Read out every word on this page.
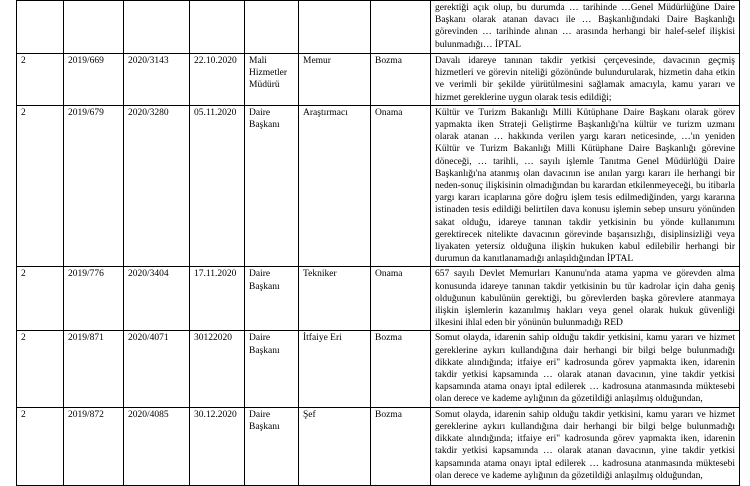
							gerektiği açık olup, bu durumda … tarihinde …Genel Müdürlüğüne Daire Başkanı olarak atanan davacı ile … Başkanlığındaki Daire Başkanlığı görevinden … tarihinde alınan … arasında herhangi bir halef-selef ilişkisi bulunmadığı… İPTAL
2	2019/669	2020/3143	22.10.2020	Mali Hizmetler Müdürü	Memur	Bozma	Davalı idareye tanınan takdir yetkisi çerçevesinde, davacının geçmiş hizmetleri ve görevin niteliği gözönünde bulundurularak, hizmetin daha etkin ve verimli bir şekilde yürütülmesini sağlamak amacıyla, kamu yararı ve hizmet gereklerine uygun olarak tesis edildiği;
2	2019/679	2020/3280	05.11.2020	Daire Başkanı	Araştırmacı	Onama	Kültür ve Turizm Bakanlığı Milli Kütüphane Daire Başkanı olarak görev yapmakta iken Strateji Geliştirme Başkanlığı'na kültür ve turizm uzmanı olarak atanan … hakkında verilen yargı kararı neticesinde, …'ın yeniden Kültür ve Turizm Bakanlığı Milli Kütüphane Daire Başkanlığı görevine döneceği, … tarihli, … sayılı işlemle Tanıtma Genel Müdürlüğü Daire Başkanlığı'na atanmış olan davacının ise anılan yargı kararı ile herhangi bir neden-sonuç ilişkisinin olmadığından bu karardan etkilenmeyeceği, bu itibarla yargı kararı icaplarına göre doğru işlem tesis edilmediğinden, yargı kararına istinaden tesis edildiği belirtilen dava konusu işlemin sebep unsuru yönünden sakat olduğu, idareye tanınan takdir yetkisinin bu yönde kullanımını gerektirecek nitelikte davacının görevinde başarısızlığı, disiplinsizliği veya liyakaten yetersiz olduğuna ilişkin hukuken kabul edilebilir herhangi bir durumun da kanıtlanamadığı anlaşıldığından İPTAL
2	2019/776	2020/3404	17.11.2020	Daire Başkanı	Tekniker	Onama	657 sayılı Devlet Memurları Kanunu'nda atama yapma ve görevden alma konusunda idareye tanınan takdir yetkisinin bu tür kadrolar için daha geniş olduğunun kabulünün gerektiği, bu görevlerden başka görevlere atanmaya ilişkin işlemlerin kazanılmış hakları veya genel olarak hukuk güvenliği ilkesini ihlal eden bir yönünün bulunmadığı RED
2	2019/871	2020/4071	30122020	Daire Başkanı	İtfaiye Eri	Bozma	Somut olayda, idarenin sahip olduğu takdir yetkisini, kamu yararı ve hizmet gereklerine aykırı kullandığına dair herhangi bir bilgi belge bulunmadığı dikkate alındığında; itfaiye eri" kadrosunda görev yapmakta iken, idarenin takdir yetkisi kapsamında … olarak atanan davacının, yine takdir yetkisi kapsamında atama onayı iptal edilerek … kadrosuna atanmasında müktesebi olan derece ve kademe aylığının da gözetildiği anlaşılmış olduğundan,
2	2019/872	2020/4085	30.12.2020	Daire Başkanı	Şef	Bozma	Somut olayda, idarenin sahip olduğu takdir yetkisini, kamu yararı ve hizmet gereklerine aykırı kullandığına dair herhangi bir bilgi belge bulunmadığı dikkate alındığında; itfaiye eri" kadrosunda görev yapmakta iken, idarenin takdir yetkisi kapsamında … olarak atanan davacının, yine takdir yetkisi kapsamında atama onayı iptal edilerek … kadrosuna atanmasında müktesebi olan derece ve kademe aylığının da gözetildiği anlaşılmış olduğundan,
